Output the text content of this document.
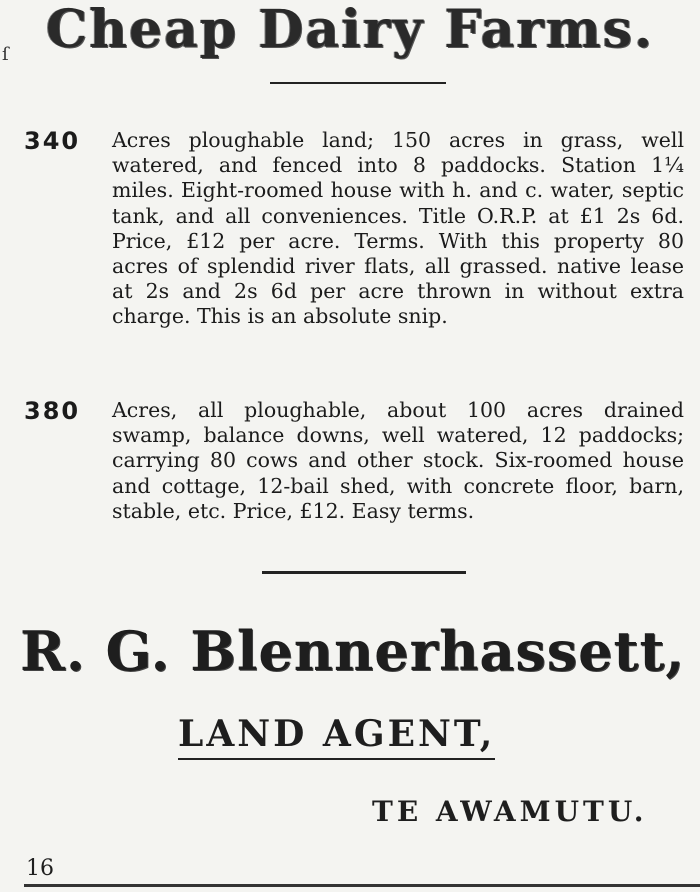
ſ Cheap Dairy Farms.
340 Acres ploughable land; 150 acres in grass, well watered, and fenced into 8 paddocks. Station 1¼ miles. Eight-roomed house with h. and c. water, septic tank, and all conveniences. Title O.R.P. at £1 2s 6d. Price, £12 per acre. Terms. With this property 80 acres of splendid river flats, all grassed. native lease at 2s and 2s 6d per acre thrown in without extra charge. This is an absolute snip.
380 Acres, all ploughable, about 100 acres drained swamp, balance downs, well watered, 12 paddocks; carrying 80 cows and other stock. Six-roomed house and cottage, 12-bail shed, with concrete floor, barn, stable, etc. Price, £12. Easy terms.
R. G. Blennerhassett,
LAND AGENT,
TE AWAMUTU.
16
